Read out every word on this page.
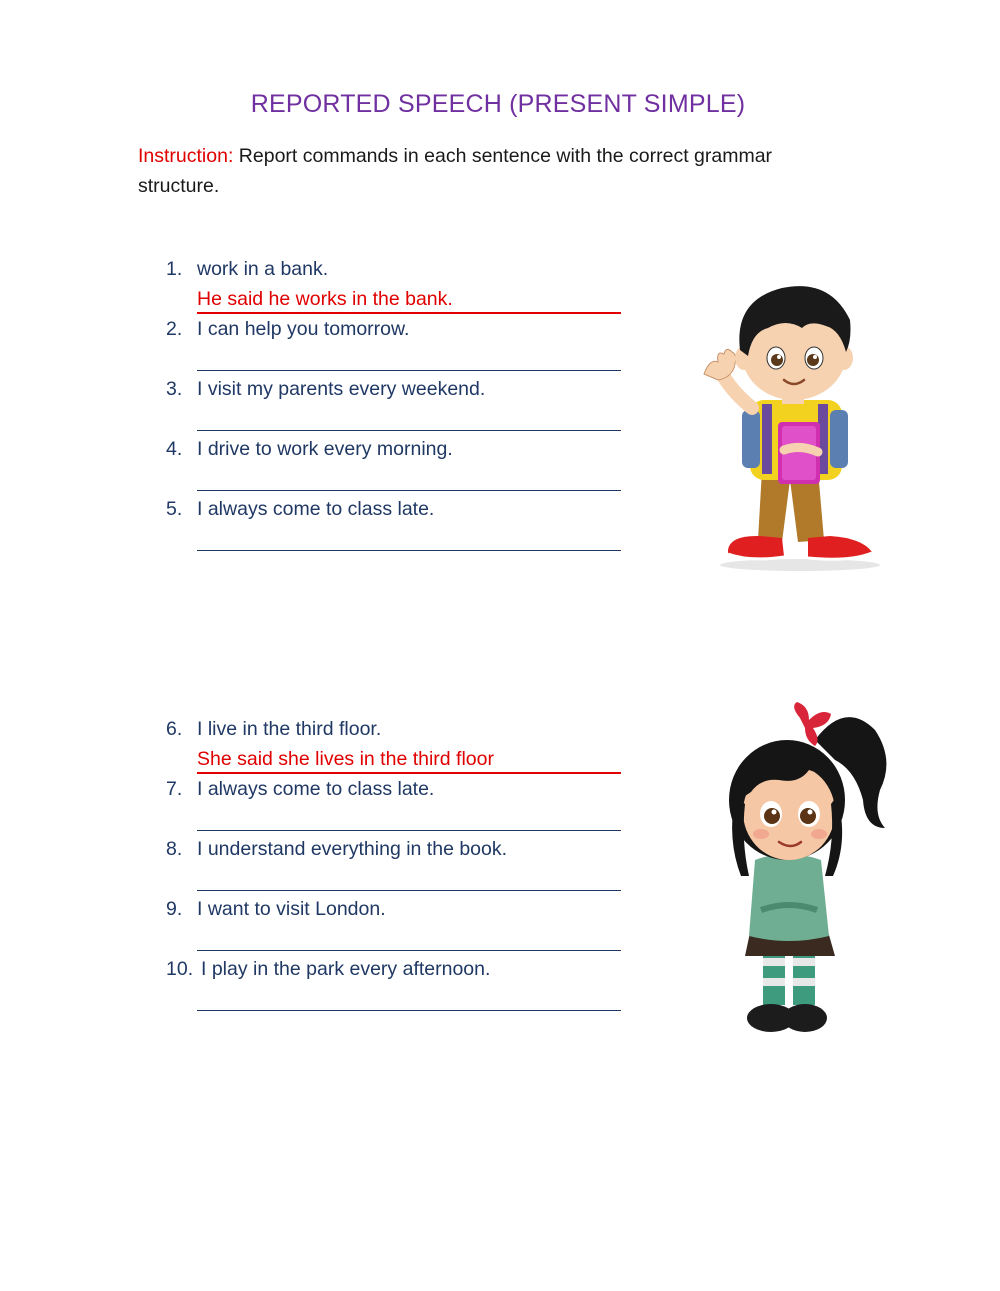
REPORTED SPEECH (PRESENT SIMPLE)
Instruction: Report commands in each sentence with the correct grammar structure.
1. work in a bank.
He said he works in the bank.
2. I can help you tomorrow.
3. I visit my parents every weekend.
4. I drive to work every morning.
5. I always come to class late.
6. I live in the third floor.
She said she lives in the third floor
7. I always come to class late.
8. I understand everything in the book.
9. I want to visit London.
10. I play in the park every afternoon.
